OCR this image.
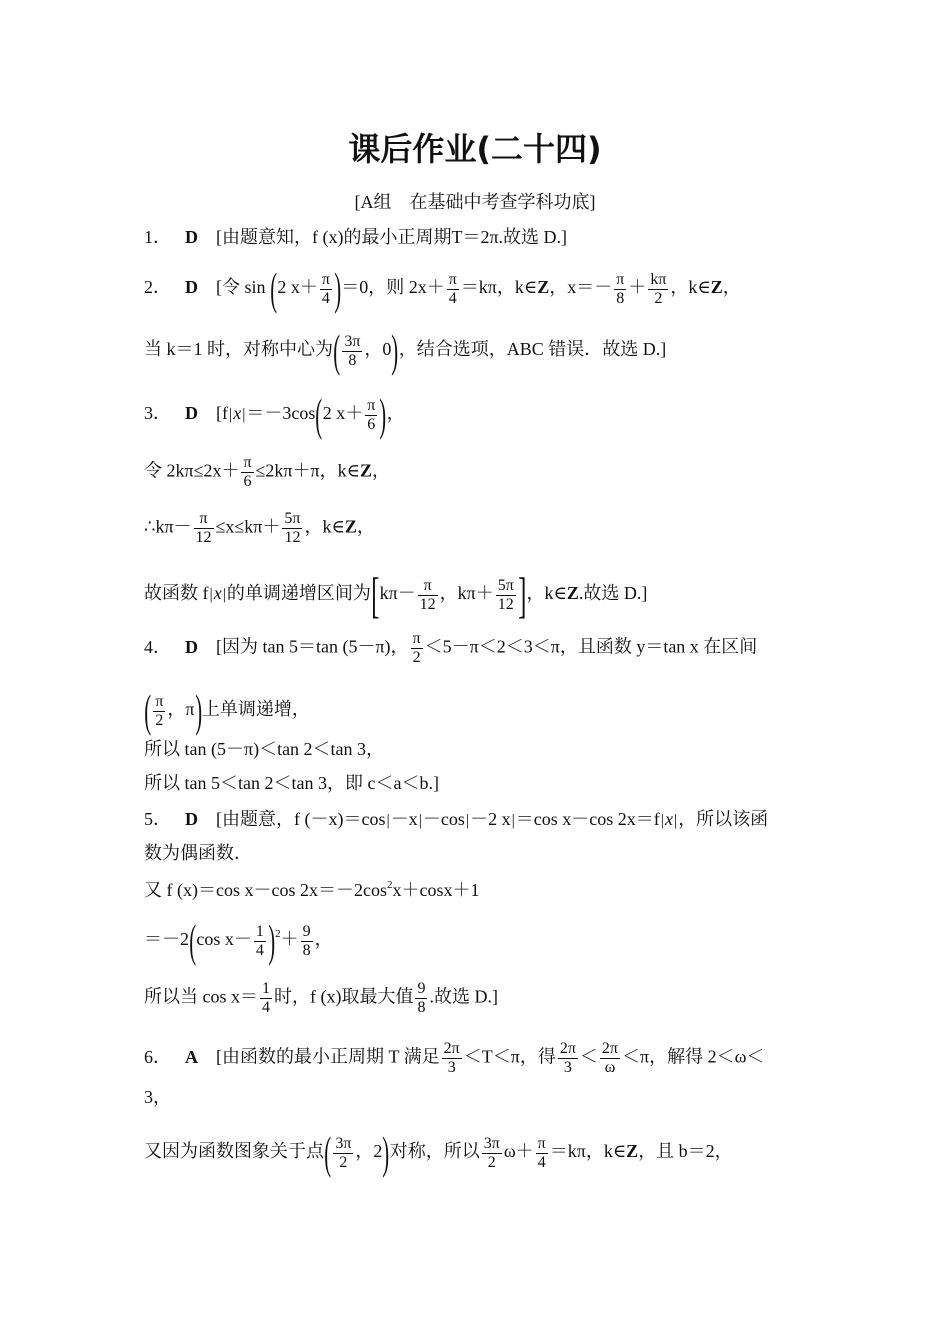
课后作业(二十四)
[A组　在基础中考查学科功底]
1． D [由题意知，f (x)的最小正周期T＝2π.故选 D.]
2． D [令 sin (2 $x+ \frac{\pi}{4} )=0$，则 $2x+ \frac{\pi}{4} =k\pi$，k∈Z，$x=- \frac{\pi}{8} + \frac{k\pi}{2}$ ，k∈Z，
当 k＝1 时，对称中心为( $\frac{3\pi}{8}$ ，0)，结合选项，ABC 错误．故选 D.]
3． D [f|x|＝－3cos(2 $x+ \frac{\pi}{6}$ )，
令 $2k\pi\le 2x+ \frac{\pi}{6} \le 2k\pi+\pi$，k∈Z，
∴kπ－ $\frac{\pi}{12} \le x\le k\pi+ \frac{5\pi}{12}$ ，k∈Z，
故函数 f|x|的单调递增区间为[$k\pi- \frac{\pi}{12}$ ，$k\pi+ \frac{5\pi}{12}$ ]，k∈Z.故选 D.]
4． D [因为 tan 5＝tan (5－π)， $\frac{\pi}{2} <5-\pi<2<3<\pi$，且函数 y＝tan x 在区间
( $\frac{\pi}{2}$ ，π)上单调递增，
所以 tan (5－π)＜tan 2＜tan 3，
所以 tan 5＜tan 2＜tan 3，即 c＜a＜b.]
5． D [由题意，f (－x)＝cos|－x|－cos|－2 x|＝cos x－cos 2x＝f|x|，所以该函
数为偶函数．
又 f (x)＝cos x－cos $2x=-2\cos^2x+\cos x+1$
＝－2(cos $x- \frac{1}{4} )^2+ \frac{9}{8}$ ，
所以当 $\cos x= \frac{1}{4}$ 时，f (x)取最大值 $\frac{9}{8}$ .故选 D.]
6． A [由函数的最小正周期 T 满足 $\frac{2\pi}{3} <T<\pi$，得 $\frac{2\pi}{3} < \frac{2\pi}{\omega} <\pi$，解得 2＜ω＜
3，
又因为函数图象关于点( $\frac{3\pi}{2}$ ，2)对称，所以 $\frac{3\pi}{2} \omega+ \frac{\pi}{4} =k\pi$，k∈Z，且 b＝2，
